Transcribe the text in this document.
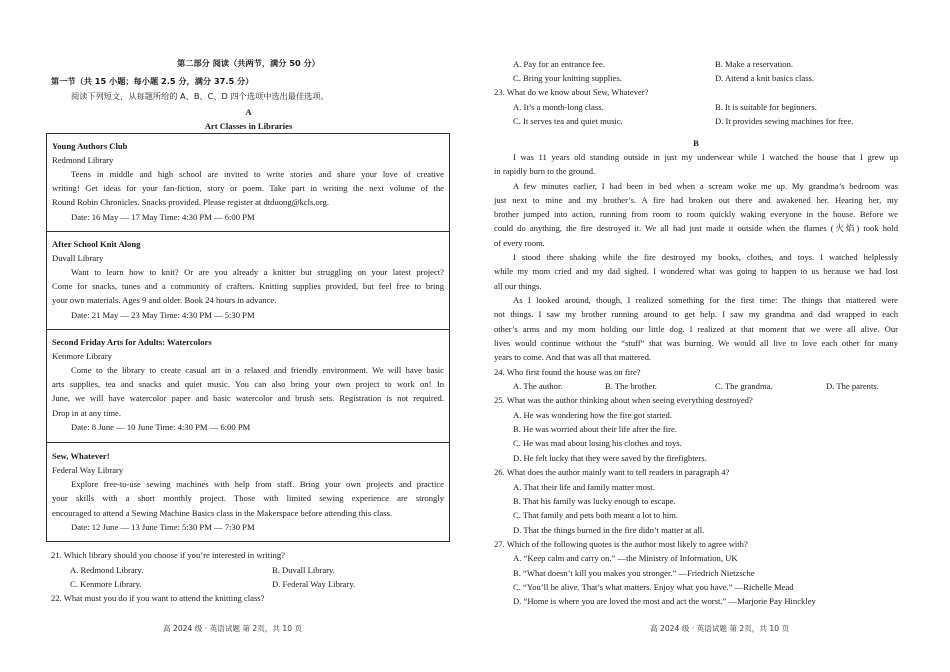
第二部分 阅读（共两节，满分 50 分）
第一节（共 15 小题；每小题 2.5 分，满分 37.5 分）
阅读下列短文，从每题所给的 A、B、C、D 四个选项中选出最佳选项。
A
Art Classes in Libraries
Young Authors Club
Redmond Library
Teens in middle and high school are invited to write stories and share your love of creative
writing! Get ideas for your fan-fiction, story or poem. Take part in writing the next volume of the
Round Robin Chronicles. Snacks provided. Please register at dtduong@kcls.org.
Date: 16 May — 17 May Time: 4:30 PM — 6:00 PM
After School Knit Along
Duvall Library
Want to learn how to knit? Or are you already a knitter but struggling on your latest project?
Come for snacks, tunes and a community of crafters. Knitting supplies provided, but feel free to bring
your own materials. Ages 9 and older. Book 24 hours in advance.
Date: 21 May — 23 May Time: 4:30 PM — 5:30 PM
Second Friday Arts for Adults: Watercolors
Kenmore Library
Come to the library to create casual art in a relaxed and friendly environment. We will have basic
arts supplies, tea and snacks and quiet music. You can also bring your own project to work on! In
June, we will have watercolor paper and basic watercolor and brush sets. Registration is not required.
Drop in at any time.
Date: 8 June — 10 June Time: 4:30 PM — 6:00 PM
Sew, Whatever!
Federal Way Library
Explore free-to-use sewing machines with help from staff. Bring your own projects and practice
your skills with a short monthly project. Those with limited sewing experience are strongly
encouraged to attend a Sewing Machine Basics class in the Makerspace before attending this class.
Date: 12 June — 13 June Time: 5:30 PM — 7:30 PM
21. Which library should you choose if you’re interested in writing?
A. Redmond Library.	B. Duvall Library.
C. Kenmore Library.	D. Federal Way Library.
22. What must you do if you want to attend the knitting class?
高 2024 级 · 英语试题 第 2页，共 10 页
A. Pay for an entrance fee.	B. Make a reservation.
C. Bring your knitting supplies.	D. Attend a knit basics class.
23. What do we know about Sew, Whatever?
A. It’s a month-long class.	B. It is suitable for beginners.
C. It serves tea and quiet music.	D. It provides sewing machines for free.
B
I was 11 years old standing outside in just my underwear while I watched the house that I grew up
in rapidly burn to the ground.
A few minutes earlier, I had been in bed when a scream woke me up. My grandma’s bedroom was
just next to mine and my brother’s. A fire had broken out there and awakened her. Hearing her, my
brother jumped into action, running from room to room quickly waking everyone in the house. Before we
could do anything, the fire destroyed it. We all had just made it outside when the flames (火焰) took hold
of every room.
I stood there shaking while the fire destroyed my books, clothes, and toys. I watched helplessly
while my mom cried and my dad sighed. I wondered what was going to happen to us because we had lost
all our things.
As I looked around, though, I realized something for the first time: The things that mattered were
not things. I saw my brother running around to get help. I saw my grandma and dad wrapped in each
other’s arms and my mom holding our little dog. I realized at that moment that we were all alive. Our
lives would continue without the “stuff” that was burning. We would all live to love each other for many
years to come. And that was all that mattered.
24. Who first found the house was on fire?
A. The author.	B. The brother.	C. The grandma.	D. The parents.
25. What was the author thinking about when seeing everything destroyed?
A. He was wondering how the fire got started.
B. He was worried about their life after the fire.
C. He was mad about losing his clothes and toys.
D. He felt lucky that they were saved by the firefighters.
26. What does the author mainly want to tell readers in paragraph 4?
A. That their life and family matter most.
B. That his family was lucky enough to escape.
C. That family and pets both meant a lot to him.
D. That the things burned in the fire didn’t matter at all.
27. Which of the following quotes is the author most likely to agree with?
A. “Keep calm and carry on.” —the Ministry of Information, UK
B. “What doesn’t kill you makes you stronger.” —Friedrich Nietzsche
C. “You’ll be alive. That’s what matters. Enjoy what you have.” —Richelle Mead
D. “Home is where you are loved the most and act the worst.” —Marjorie Pay Hinckley
高 2024 级 · 英语试题 第 2页，共 10 页
